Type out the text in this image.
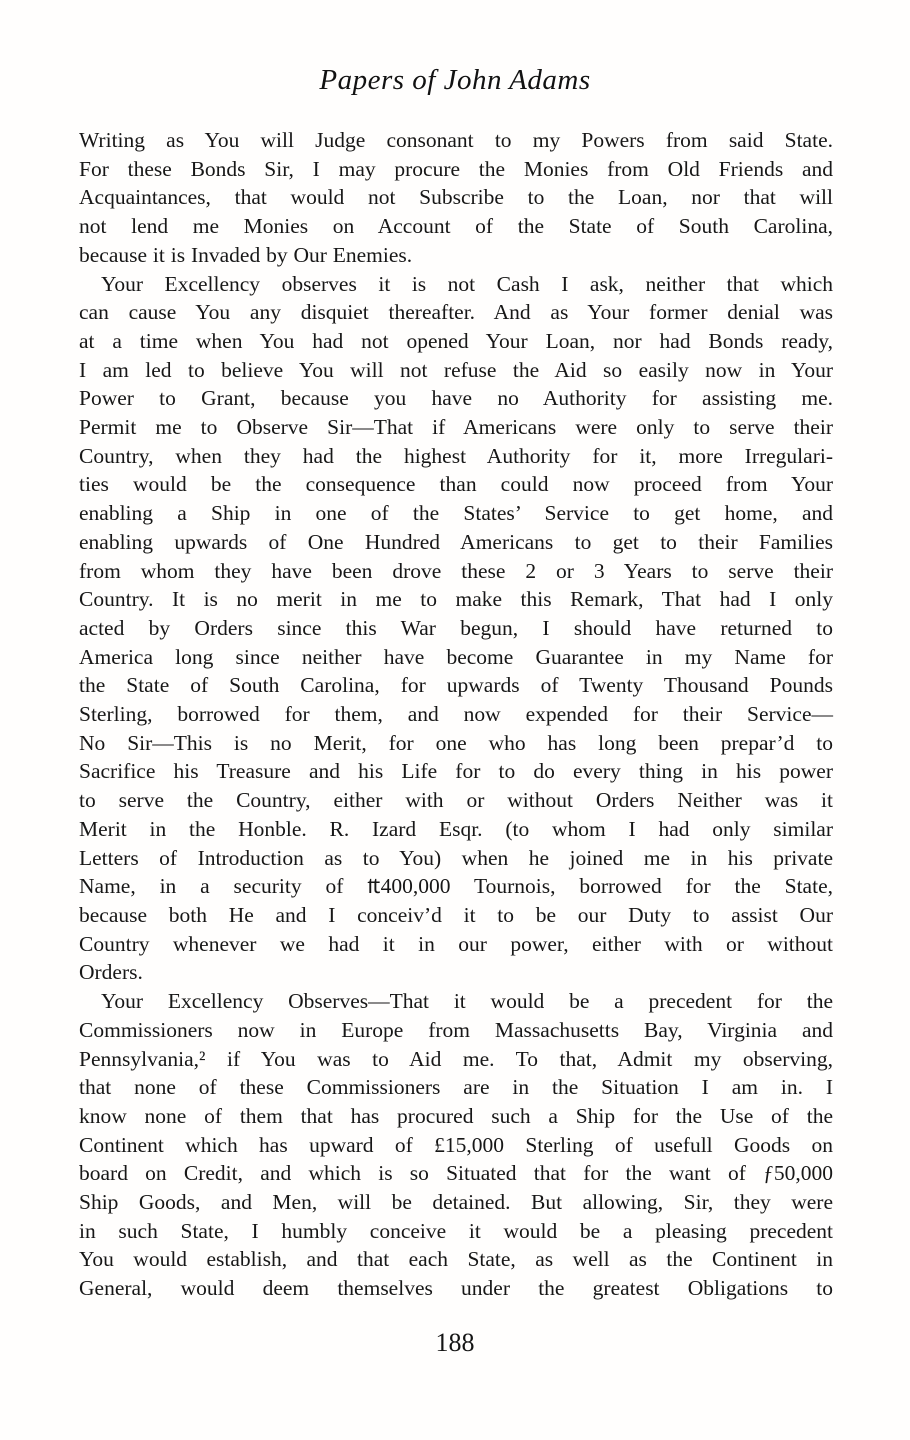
Papers of John Adams
Writing as You will Judge consonant to my Powers from said State.
For these Bonds Sir, I may procure the Monies from Old Friends and
Acquaintances, that would not Subscribe to the Loan, nor that will
not lend me Monies on Account of the State of South Carolina,
because it is Invaded by Our Enemies.
Your Excellency observes it is not Cash I ask, neither that which
can cause You any disquiet thereafter. And as Your former denial was
at a time when You had not opened Your Loan, nor had Bonds ready,
I am led to believe You will not refuse the Aid so easily now in Your
Power to Grant, because you have no Authority for assisting me.
Permit me to Observe Sir—That if Americans were only to serve their
Country, when they had the highest Authority for it, more Irregulari-
ties would be the consequence than could now proceed from Your
enabling a Ship in one of the States’ Service to get home, and
enabling upwards of One Hundred Americans to get to their Families
from whom they have been drove these 2 or 3 Years to serve their
Country. It is no merit in me to make this Remark, That had I only
acted by Orders since this War begun, I should have returned to
America long since neither have become Guarantee in my Name for
the State of South Carolina, for upwards of Twenty Thousand Pounds
Sterling, borrowed for them, and now expended for their Service—
No Sir—This is no Merit, for one who has long been prepar’d to
Sacrifice his Treasure and his Life for to do every thing in his power
to serve the Country, either with or without Orders Neither was it
Merit in the Honble. R. Izard Esqr. (to whom I had only similar
Letters of Introduction as to You) when he joined me in his private
Name, in a security of ₶400,000 Tournois, borrowed for the State,
because both He and I conceiv’d it to be our Duty to assist Our
Country whenever we had it in our power, either with or without
Orders.
Your Excellency Observes—That it would be a precedent for the
Commissioners now in Europe from Massachusetts Bay, Virginia and
Pennsylvania,² if You was to Aid me. To that, Admit my observing,
that none of these Commissioners are in the Situation I am in. I
know none of them that has procured such a Ship for the Use of the
Continent which has upward of £15,000 Sterling of usefull Goods on
board on Credit, and which is so Situated that for the want of ƒ50,000
Ship Goods, and Men, will be detained. But allowing, Sir, they were
in such State, I humbly conceive it would be a pleasing precedent
You would establish, and that each State, as well as the Continent in
General, would deem themselves under the greatest Obligations to
188
